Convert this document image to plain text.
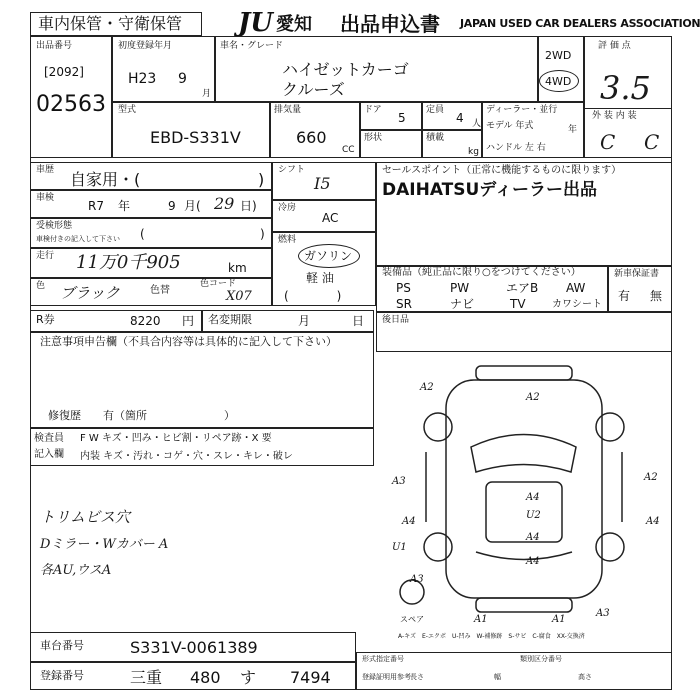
車内保管・守衛保管 JU 愛知 出品申込書 JAPAN USED CAR DEALERS ASSOCIATION
出品番号
[2092]
02563
初度登録年月
H23 9
月
車名・グレード
ハイゼットカーゴ
クルーズ
2WD
4WD
評 価 点
3.5
外 装 内 装
C C
型式
EBD-S331V
排気量
660
CC
ドア
5
定員
4 人
形状	積載
kg
ディーラー・並行
モデル 年式	年
ハンドル 左 右
車歴 自家用・(	)
車検
R7 年	9 月( 29 日)
受検形態
車検付きの記入して下さい (	)
走行 11万0千905	km
色 ブラック	色替
色コード
X07
シフト
I5
冷房
AC
燃料
ガソリン
軽 油
(　　　　)
セールスポイント（正常に機能するものに限ります）
DAIHATSUディーラー出品
装備品（純正品に限り○をつけてください）
PS	PW	エアB AW
SR	ナビ	TV	カワシート
新車保証書
有 無
R券	8220 円 名変期限	月	日 後日品
注意事項申告欄（不具合内容等は具体的に記入して下さい）
修復歴　　有（箇所　　　　　　　）
検査員
記入欄
F W キズ・凹み・ヒビ割・リペア跡・X 要
内装 キズ・汚れ・コゲ・穴・スレ・キレ・破レ
トリムビス穴
Dミラー・Wカバー A
各AU,ウスA
A2
A2
A3
A4
A4
U2
A2
A4	A4
U1
A3
A3
A1
A4
A1
スペア
A-キズ　E-エクボ　U-凹み　W-補修跡　S-サビ　C-腐食　XX-交換済
車台番号	S331V-0061389
登録番号	三重 480 す 7494
形式指定番号	類別区分番号
登録証明用参考 長さ	幅	高さ
